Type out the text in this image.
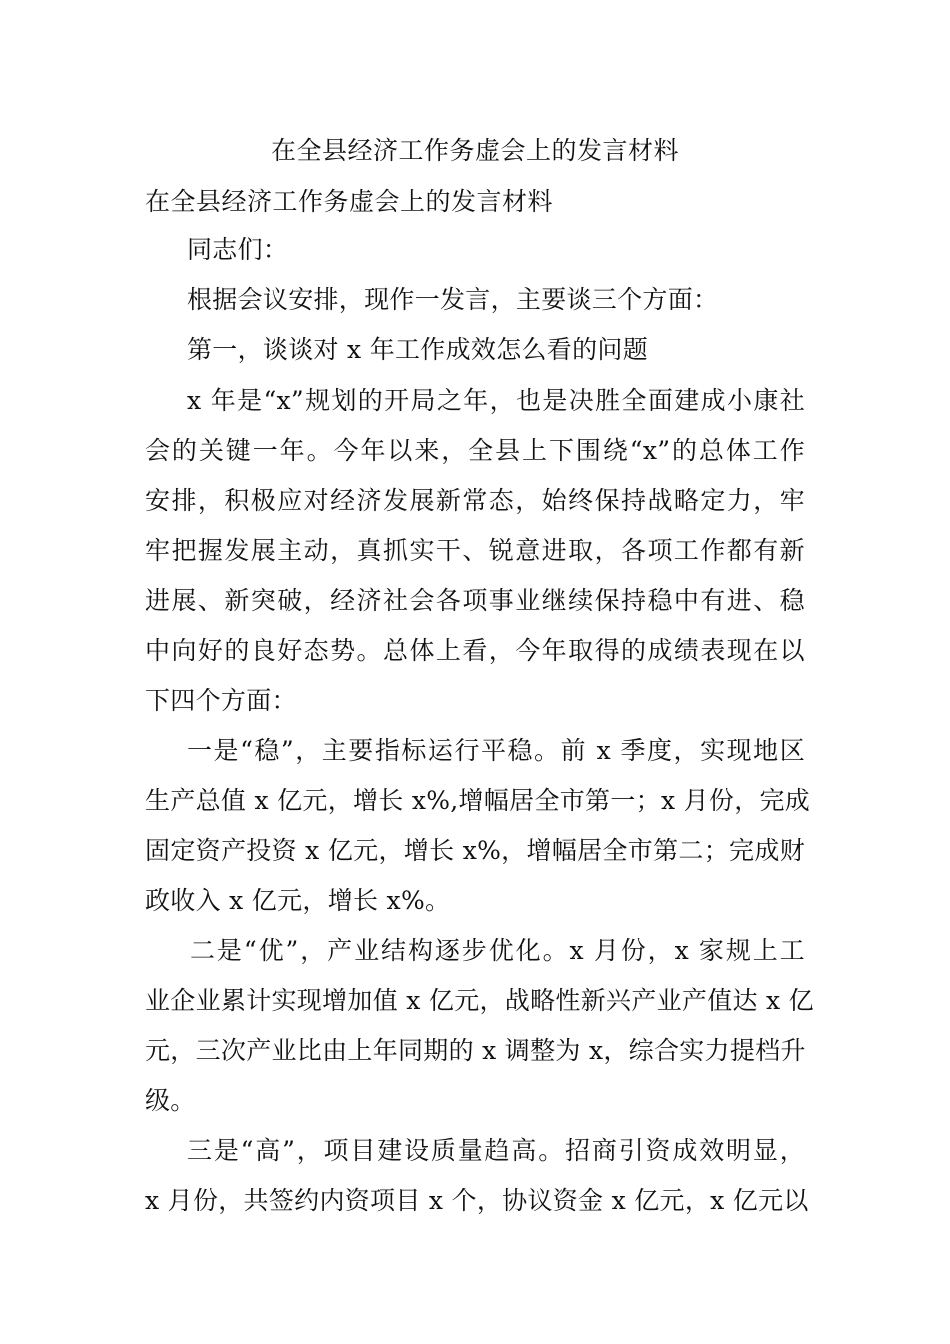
在全县经济工作务虚会上的发言材料
在全县经济工作务虚会上的发言材料
同志们：
根据会议安排，现作一发言，主要谈三个方面：
第一，谈谈对 x 年工作成效怎么看的问题
x 年是“x”规划的开局之年，也是决胜全面建成小康社
会的关键一年。今年以来，全县上下围绕“x”的总体工作
安排，积极应对经济发展新常态，始终保持战略定力，牢
牢把握发展主动，真抓实干、锐意进取，各项工作都有新
进展、新突破，经济社会各项事业继续保持稳中有进、稳
中向好的良好态势。总体上看，今年取得的成绩表现在以
下四个方面：
一是“稳”，主要指标运行平稳。前 x 季度，实现地区
生产总值 x 亿元，增长 x%,增幅居全市第一；x 月份，完成
固定资产投资 x 亿元，增长 x%，增幅居全市第二；完成财
政收入 x 亿元，增长 x%。
二是“优”，产业结构逐步优化。x 月份，x 家规上工
业企业累计实现增加值 x 亿元，战略性新兴产业产值达 x 亿
元，三次产业比由上年同期的 x 调整为 x，综合实力提档升
级。
三是“高”，项目建设质量趋高。招商引资成效明显，
x 月份，共签约内资项目 x 个，协议资金 x 亿元，x 亿元以
